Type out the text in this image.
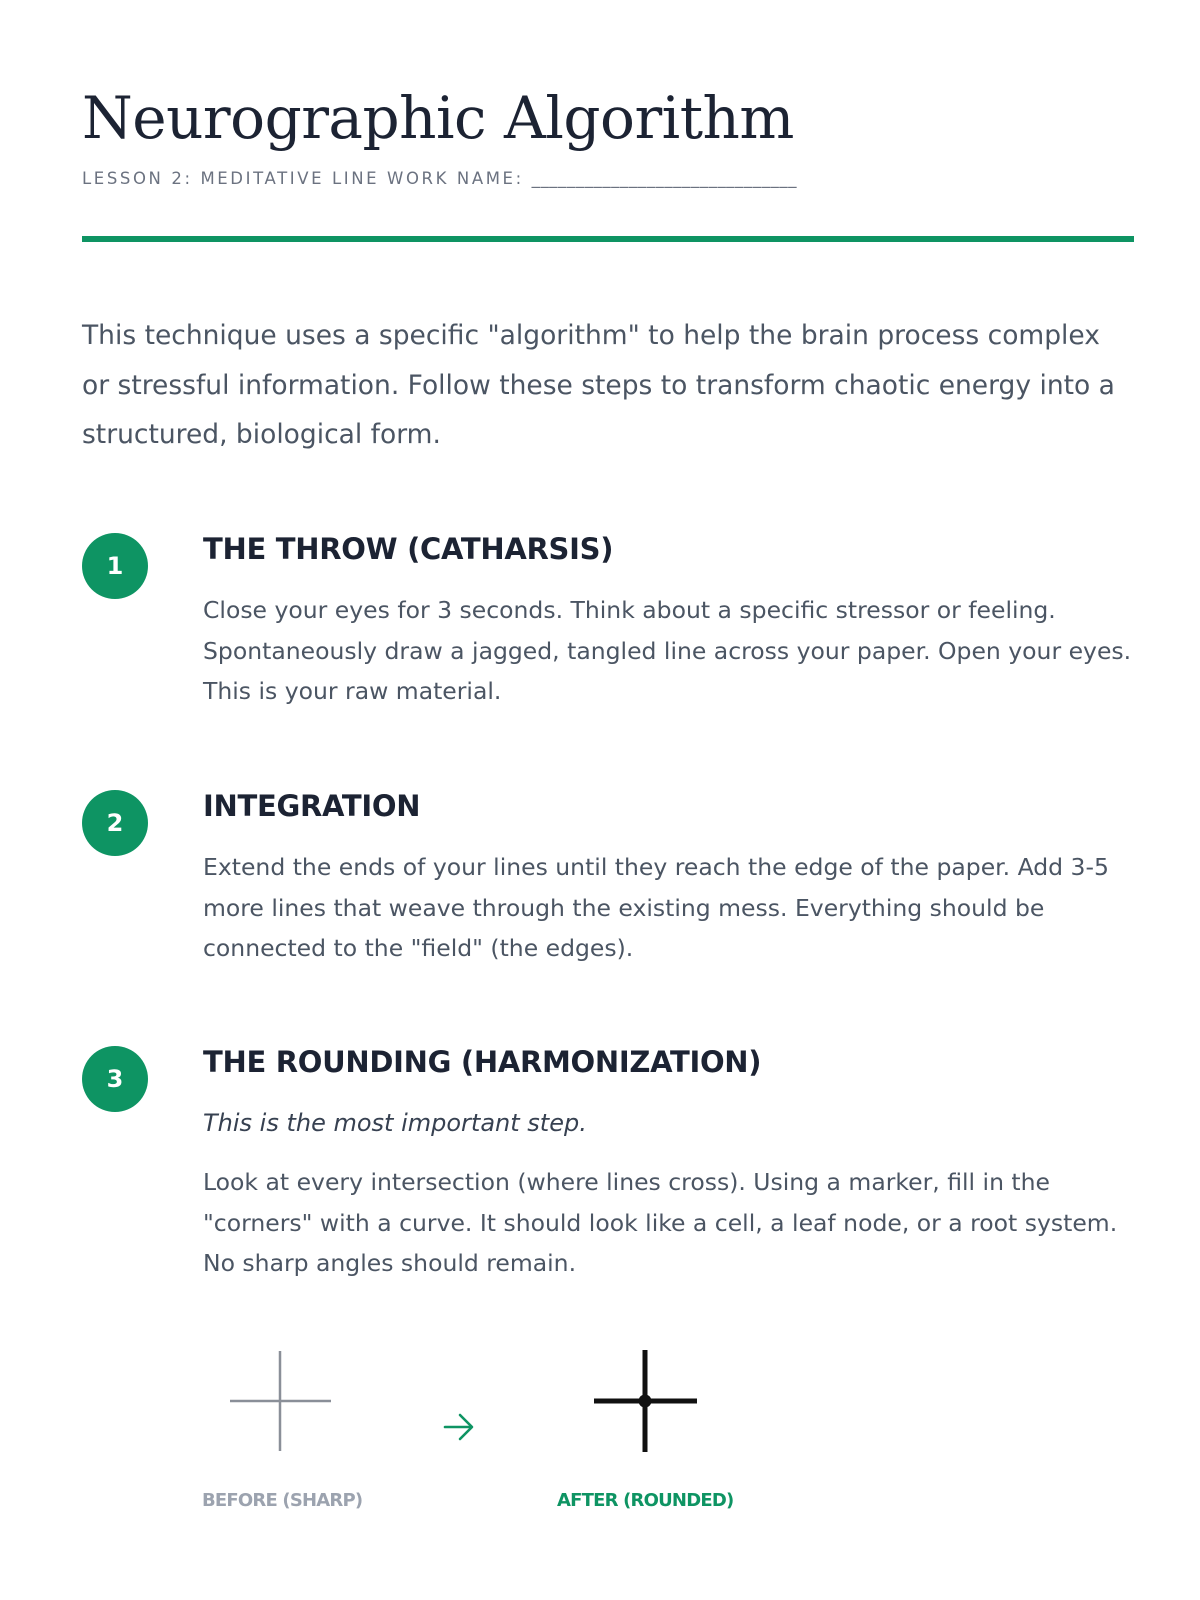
Neurographic Algorithm
LESSON 2: MEDITATIVE LINE WORK NAME: ______________________________

This technique uses a specific "algorithm" to help the brain process complex or stressful information. Follow these steps to transform chaotic energy into a structured, biological form.

1	THE THROW (CATHARSIS)

Close your eyes for 3 seconds. Think about a specific stressor or feeling. Spontaneously draw a jagged, tangled line across your paper. Open your eyes. This is your raw material.

2	INTEGRATION

Extend the ends of your lines until they reach the edge of the paper. Add 3-5 more lines that weave through the existing mess. Everything should be connected to the "field" (the edges).

3	THE ROUNDING (HARMONIZATION)

This is the most important step.

Look at every intersection (where lines cross). Using a marker, fill in the "corners" with a curve. It should look like a cell, a leaf node, or a root system. No sharp angles should remain.

BEFORE (SHARP)	AFTER (ROUNDED)
